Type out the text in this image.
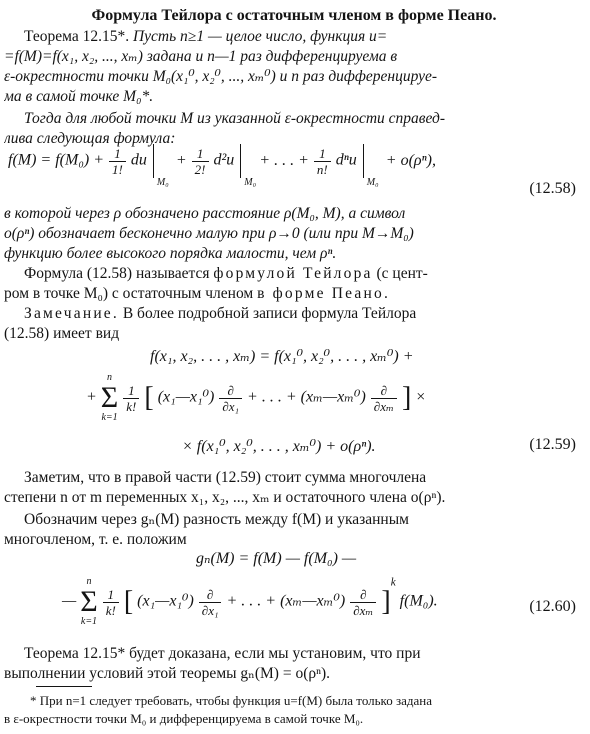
Формула Тейлора с остаточным членом в форме Пеано.
Теорема 12.15*. Пусть n≥1 — целое число, функция u=
=f(M)=f(x₁, x₂, ..., xₘ) задана и n—1 раз дифференцируема в
ε-окрестности точки M₀(x₁⁰, x₂⁰, ..., xₘ⁰) и n раз дифференцируе-
ма в самой точке M₀*.
Тогда для любой точки M из указанной ε-окрестности справед-
лива следующая формула:
$f(M) = f(M_0) + \frac{1}{1!}$ du
M₀
+ $\frac{1}{2!} d^2u$
M₀
+ . . . + $\frac{1}{n!}$ dⁿu
M₀
+ o(ρⁿ),
(12.58)
в которой через ρ обозначено расстояние ρ(M₀, M), а символ
o(ρⁿ) обозначает бесконечно малую при ρ→0 (или при M→M₀)
функцию более высокого порядка малости, чем ρⁿ.
Формула (12.58) называется формулой Тейлора (с цент-
ром в точке M₀) с остаточным членом в форме Пеано.
Замечание. В более подробной записи формула Тейлора
(12.58) имеет вид
f(x₁, x₂, . . . , xₘ) = f(x₁⁰, x₂⁰, . . . , xₘ⁰) +
+
n
Σ
k=1

$\frac{1}{k!}$ [ (x₁—x₁⁰) $\frac{\partial}{\text{∂x₁}}$ + . . . + (xₘ—xₘ⁰) $\frac{\partial}{\text{∂xₘ}}$ ] ×
× f(x₁⁰, x₂⁰, . . . , xₘ⁰) + o(ρⁿ).	(12.59)
Заметим, что в правой части (12.59) стоит сумма многочлена
степени n от m переменных x₁, x₂, ..., xₘ и остаточного члена o(ρⁿ).
Обозначим через gₙ(M) разность между f(M) и указанным
многочленом, т. е. положим
gₙ(M) = f(M) — f(M₀) —
—
n
Σ
k=1

$\frac{1}{k!}$ [ (x₁—x₁⁰) $\frac{\partial}{\text{∂x₁}}$ + . . . + (xₘ—xₘ⁰) $\frac{\partial}{\text{∂xₘ}} ]^k$ f(M₀).	(12.60)
Теорема 12.15* будет доказана, если мы установим, что при
выполнении условий этой теоремы gₙ(M) = o(ρⁿ).
* При n=1 следует требовать, чтобы функция u=f(M) была только задана
в ε-окрестности точки M₀ и дифференцируема в самой точке M₀.
